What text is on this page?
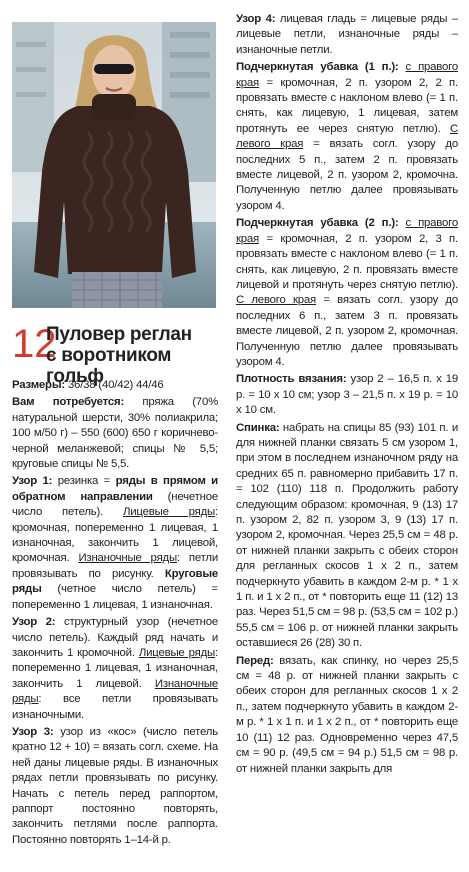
12
Пуловер реглан
с воротником гольф

Размеры: 36/38 (40/42) 44/46

Вам потребуется: пряжа (70% натуральной шерсти, 30% полиакрила; 100 м/50 г) – 550 (600) 650 г коричнево-черной меланжевой; спицы № 5,5; круговые спицы № 5,5.

Узор 1: резинка = ряды в прямом и обратном направлении (нечетное число петель). Лицевые ряды: кромочная, попеременно 1 лицевая, 1 изнаночная, закончить 1 лицевой, кромочная. Изнаночные ряды: петли провязывать по рисунку. Круговые ряды (четное число петель) = попеременно 1 лицевая, 1 изнаночная.

Узор 2: структурный узор (нечетное число петель). Каждый ряд начать и закончить 1 кромочной. Лицевые ряды: попеременно 1 лицевая, 1 изнаночная, закончить 1 лицевой. Изнаночные ряды: все петли провязывать изнаночными.

Узор 3: узор из «кос» (число петель кратно 12 + 10) = вязать согл. схеме. На ней даны лицевые ряды. В изнаночных рядах петли провязывать по рисунку. Начать с петель перед раппортом, раппорт постоянно повторять, закончить петлями после раппорта. Постоянно повторять 1–14-й р.

Узор 4: лицевая гладь = лицевые ряды – лицевые петли, изнаночные ряды – изнаночные петли.

Подчеркнутая убавка (1 п.): с правого края = кромочная, 2 п. узором 2, 2 п. провязать вместе с наклоном влево (= 1 п. снять, как лицевую, 1 лицевая, затем протянуть ее через снятую петлю). С левого края = вязать согл. узору до последних 5 п., затем 2 п. провязать вместе лицевой, 2 п. узором 2, кромочна. Полученную петлю далее провязывать узором 4.

Подчеркнутая убавка (2 п.): с правого края = кромочная, 2 п. узором 2, 3 п. провязать вместе с наклоном влево (= 1 п. снять, как лицевую, 2 п. провязать вместе лицевой и протянуть через снятую петлю). С левого края = вязать согл. узору до последних 6 п., затем 3 п. провязать вместе лицевой, 2 п. узором 2, кромочная. Полученную петлю далее провязывать узором 4.

Плотность вязания: узор 2 – 16,5 п. х 19 р. = 10 х 10 см; узор 3 – 21,5 п. х 19 р. = 10 х 10 см.

Спинка: набрать на спицы 85 (93) 101 п. и для нижней планки связать 5 см узором 1, при этом в последнем изнаночном ряду на средних 65 п. равномерно прибавить 17 п. = 102 (110) 118 п. Продолжить работу следующим образом: кромочная, 9 (13) 17 п. узором 2, 82 п. узором 3, 9 (13) 17 п. узором 2, кромочная. Через 25,5 см = 48 р. от нижней планки закрыть с обеих сторон для регланных скосов 1 х 2 п., затем подчеркнуто убавить в каждом 2-м р. * 1 х 1 п. и 1 х 2 п., от * повторить еще 11 (12) 13 раз. Через 51,5 см = 98 р. (53,5 см = 102 р.) 55,5 см = 106 р. от нижней планки закрыть оставшиеся 26 (28) 30 п.

Перед: вязать, как спинку, но через 25,5 см = 48 р. от нижней планки закрыть с обеих сторон для регланных скосов 1 х 2 п., затем подчеркнуто убавить в каждом 2-м р. * 1 х 1 п. и 1 х 2 п., от * повторить еще 10 (11) 12 раз. Одновременно через 47,5 см = 90 р. (49,5 см = 94 р.) 51,5 см = 98 р. от нижней планки закрыть для
